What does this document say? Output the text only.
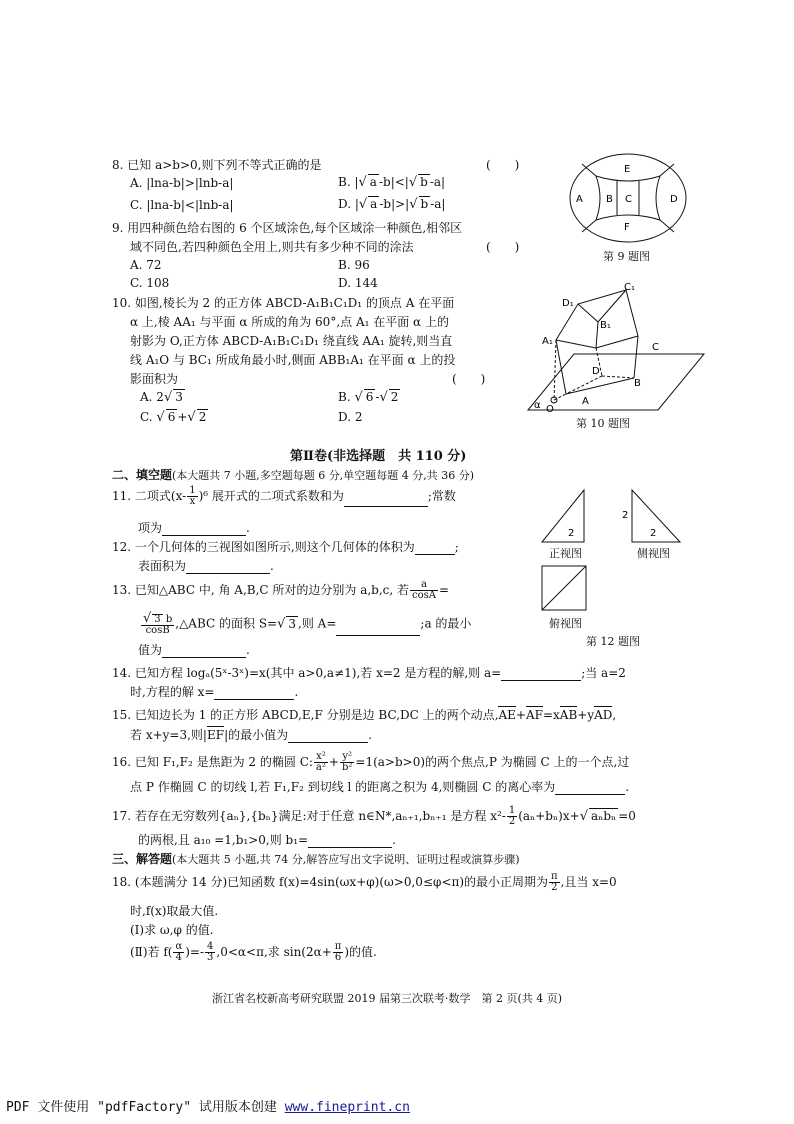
8. 已知 a>b>0,则下列不等式正确的是	(　　)
A. |lna-b|>|lnb-a|	B. |√ a -b|<|√ b -a|
C. |lna-b|<|lnb-a|	D. |√ a -b|>|√ b -a|
9. 用四种颜色给右图的 6 个区域涂色,每个区域涂一种颜色,相邻区
域不同色,若四种颜色全用上,则共有多少种不同的涂法	(　　)
A. 72	B. 96
C. 108	D. 144
A B C	D
E
F
第 9 题图
10. 如图,棱长为 2 的正方体 ABCD-A₁B₁C₁D₁ 的顶点 A 在平面
α 上,棱 AA₁ 与平面 α 所成的角为 60°,点 A₁ 在平面 α 上的
射影为 O,正方体 ABCD-A₁B₁C₁D₁ 绕直线 AA₁ 旋转,则当直
线 A₁O 与 BC₁ 所成角最小时,侧面 ABB₁A₁ 在平面 α 上的投
影面积为	(　　)
A. 2√ 3	B. √ 6 -√ 2
C. √ 6 +√ 2	D. 2
C₁
D₁
B₁
A₁
C
D
B
A
α O
第 10 题图
第Ⅱ卷(非选择题　共 110 分)
二、填空题(本大题共 7 小题,多空题每题 6 分,单空题每题 4 分,共 36 分)
11. 二项式$(x- \frac{1}{x} )^6$ 展开式的二项式系数和为	;常数
项为	.
12. 一个几何体的三视图如图所示,则这个几何体的体积为	;
表面积为	.
2
2
2
正视图	侧视图
俯视图
第 12 题图
13. 已知△ABC 中, 角 A,B,C 所对的边分别为 a,b,c, 若 $\frac{a}{\cos A}$ =
$\frac{√ 3 b}{\cos B}$ ,△ABC 的面积 S=√ 3 ,则 A=	;a 的最小
值为	.
14. 已知方程 logₐ(5ˣ-3ˣ)=x(其中 a>0,a≠1),若 x=2 是方程的解,则 a=	;当 a=2
时,方程的解 x=	.
15. 已知边长为 1 的正方形 ABCD,E,F 分别是边 BC,DC 上的两个动点,AE+AF=xAB+yAD,
若 x+y=3,则|EF|的最小值为	.
16. 已知 F₁,F₂ 是焦距为 2 的椭圆 C: $\frac{\text{x²}}{\text{a²}} + \frac{\text{y²}}{\text{b²}} =1(a>b>0)$的两个焦点,P 为椭圆 C 上的一个点,过
点 P 作椭圆 C 的切线 l,若 F₁,F₂ 到切线 l 的距离之积为 4,则椭圆 C 的离心率为	.
17. 若存在无穷数列{aₙ},{bₙ}满足:对于任意 n∈N*,aₙ₊₁,bₙ₊₁ 是方程 $x^2- \frac{1}{2} (a_n+b_n)x+√$ aₙbₙ =0
的两根,且 a₁₀ =1,b₁>0,则 b₁=	.
三、解答题(本大题共 5 小题,共 74 分,解答应写出文字说明、证明过程或演算步骤)
18. (本题满分 14 分)已知函数 f(x)=4sin(ωx+φ)(ω>0,0≤φ<π)的最小正周期为 $\frac{\pi}{2}$ ,且当 x=0
时,f(x)取最大值.
(Ⅰ)求 ω,φ 的值.
(Ⅱ)若 $f( \frac{\alpha}{4}$ )=- $\frac{4}{3} ,0<\alpha<\pi$,求 $\sin(2\alpha+ \frac{\pi}{6}$ )的值.
浙江省名校新高考研究联盟 2019 届第三次联考·数学　第 2 页(共 4 页)
PDF 文件使用 "pdfFactory" 试用版本创建 www.fineprint.cn
